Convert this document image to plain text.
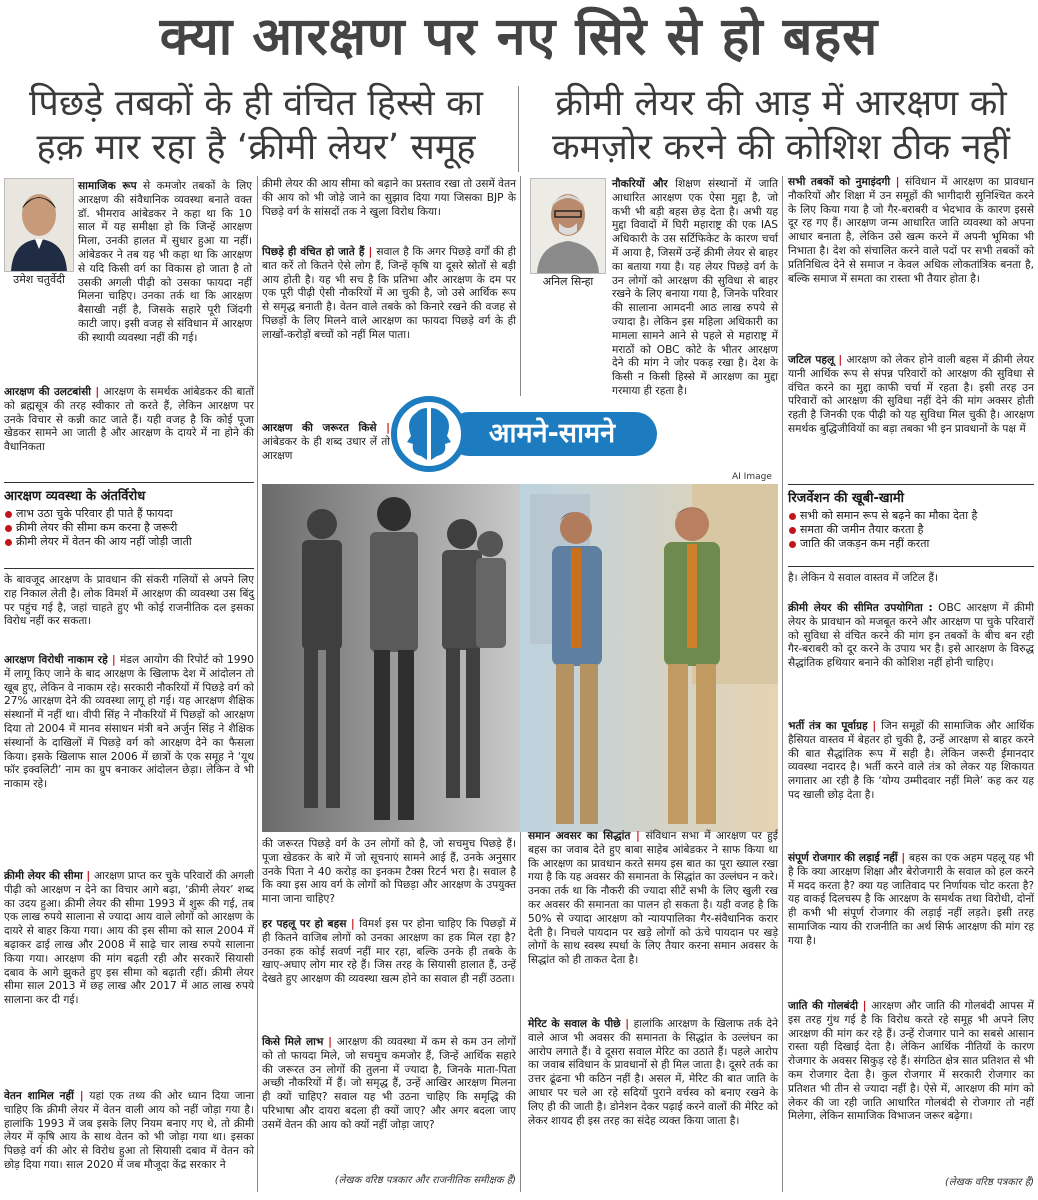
क्या आरक्षण पर नए सिरे से हो बहस
पिछड़े तबकों के ही वंचित हिस्से का
हक़ मार रहा है ‘क्रीमी लेयर’ समूह
क्रीमी लेयर की आड़ में आरक्षण को
कमज़ोर करने की कोशिश ठीक नहीं
उमेश चतुर्वेदी
सामाजिक रूप से कमजोर तबकों के लिए आरक्षण की संवैधानिक व्यवस्था बनाते वक्त डॉ. भीमराव आंबेडकर ने कहा था कि 10 साल में यह समीक्षा हो कि जिन्हें आरक्षण मिला, उनकी हालत में सुधार हुआ या नहीं। आंबेडकर ने तब यह भी कहा था कि आरक्षण से यदि किसी वर्ग का विकास हो जाता है तो उसकी अगली पीढ़ी को उसका फायदा नहीं मिलना चाहिए। उनका तर्क था कि आरक्षण बैसाखी नहीं है, जिसके सहारे पूरी जिंदगी काटी जाए। इसी वजह से संविधान में आरक्षण की स्थायी व्यवस्था नहीं की गई।
आरक्षण की उलटबांसी | आरक्षण के समर्थक आंबेडकर की बातों को ब्रह्मसूत्र की तरह स्वीकार तो करते हैं, लेकिन आरक्षण पर उनके विचार से कन्नी काट जाते हैं। यही वजह है कि कोई पूजा खेडकर सामने आ जाती है और आरक्षण के दायरे में ना होने की वैधानिकता
आरक्षण व्यवस्था के अंतर्विरोध
लाभ उठा चुके परिवार ही पाते हैं फायदा
क्रीमी लेयर की सीमा कम करना है जरूरी
क्रीमी लेयर में वेतन की आय नहीं जोड़ी जाती
के बावजूद आरक्षण के प्रावधान की संकरी गलियों से अपने लिए राह निकाल लेती है। लोक विमर्श में आरक्षण की व्यवस्था उस बिंदु पर पहुंच गई है, जहां चाहते हुए भी कोई राजनीतिक दल इसका विरोध नहीं कर सकता।
आरक्षण विरोधी नाकाम रहे | मंडल आयोग की रिपोर्ट को 1990 में लागू किए जाने के बाद आरक्षण के खिलाफ देश में आंदोलन तो खूब हुए, लेकिन वे नाकाम रहे। सरकारी नौकरियों में पिछड़े वर्ग को 27% आरक्षण देने की व्यवस्था लागू हो गई। यह आरक्षण शैक्षिक संस्थानों में नहीं था। वीपी सिंह ने नौकरियों में पिछड़ों को आरक्षण दिया तो 2004 में मानव संसाधन मंत्री बने अर्जुन सिंह ने शैक्षिक संस्थानों के दाखिलों में पिछड़े वर्ग को आरक्षण देने का फैसला किया। इसके खिलाफ साल 2006 में छात्रों के एक समूह ने ‘यूथ फॉर इक्वलिटी’ नाम का ग्रुप बनाकर आंदोलन छेड़ा। लेकिन वे भी नाकाम रहे।
क्रीमी लेयर की सीमा | आरक्षण प्राप्त कर चुके परिवारों की अगली पीढ़ी को आरक्षण न देने का विचार आगे बढ़ा, ‘क्रीमी लेयर’ शब्द का उदय हुआ। क्रीमी लेयर की सीमा 1993 में शुरू की गई, तब एक लाख रुपये सालाना से ज्यादा आय वाले लोगों को आरक्षण के दायरे से बाहर किया गया। आय की इस सीमा को साल 2004 में बढ़ाकर ढाई लाख और 2008 में साढ़े चार लाख रुपये सालाना किया गया। आरक्षण की मांग बढ़ती रही और सरकारें सियासी दबाव के आगे झुकते हुए इस सीमा को बढ़ाती रहीं। क्रीमी लेयर सीमा साल 2013 में छह लाख और 2017 में आठ लाख रुपये सालाना कर दी गई।
वेतन शामिल नहीं | यहां एक तथ्य की ओर ध्यान दिया जाना चाहिए कि क्रीमी लेयर में वेतन वाली आय को नहीं जोड़ा गया है। हालांकि 1993 में जब इसके लिए नियम बनाए गए थे, तो क्रीमी लेयर में कृषि आय के साथ वेतन को भी जोड़ा गया था। इसका पिछड़े वर्ग की ओर से विरोध हुआ तो सियासी दबाव में वेतन को छोड़ दिया गया। साल 2020 में जब मौजूदा केंद्र सरकार ने
क्रीमी लेयर की आय सीमा को बढ़ाने का प्रस्ताव रखा तो उसमें वेतन की आय को भी जोड़े जाने का सुझाव दिया गया जिसका BJP के पिछड़े वर्ग के सांसदों तक ने खुला विरोध किया।
पिछड़े ही वंचित हो जाते हैं | सवाल है कि अगर पिछड़े वर्गों की ही बात करें तो कितने ऐसे लोग हैं, जिन्हें कृषि या दूसरे स्रोतों से बड़ी आय होती है। यह भी सच है कि प्रतिभा और आरक्षण के दम पर एक पूरी पीढ़ी ऐसी नौकरियों में आ चुकी है, जो उसे आर्थिक रूप से समृद्ध बनाती है। वेतन वाले तबके को किनारे रखने की वजह से पिछड़ों के लिए मिलने वाले आरक्षण का फायदा पिछड़े वर्ग के ही लाखों-करोड़ों बच्चों को नहीं मिल पाता।
आरक्षण की जरूरत किसे | आंबेडकर के ही शब्द उधार लें तो आरक्षण
आमने-सामने
AI Image
की जरूरत पिछड़े वर्ग के उन लोगों को है, जो सचमुच पिछड़े हैं। पूजा खेडकर के बारे में जो सूचनाएं सामने आई हैं, उनके अनुसार उनके पिता ने 40 करोड़ का इनकम टैक्स रिटर्न भरा है। सवाल है कि क्या इस आय वर्ग के लोगों को पिछड़ा और आरक्षण के उपयुक्त माना जाना चाहिए?
हर पहलू पर हो बहस | विमर्श इस पर होना चाहिए कि पिछड़ों में ही कितने वाजिब लोगों को उनका आरक्षण का हक मिल रहा है? उनका हक कोई सवर्ण नहीं मार रहा, बल्कि उनके ही तबके के खाए-अघाए लोग मार रहे हैं। जिस तरह के सियासी हालात हैं, उन्हें देखते हुए आरक्षण की व्यवस्था खत्म होने का सवाल ही नहीं उठता।
किसे मिले लाभ | आरक्षण की व्यवस्था में कम से कम उन लोगों को तो फायदा मिले, जो सचमुच कमजोर हैं, जिन्हें आर्थिक सहारे की जरूरत उन लोगों की तुलना में ज्यादा है, जिनके माता-पिता अच्छी नौकरियों में हैं। जो समृद्ध हैं, उन्हें आखिर आरक्षण मिलना ही क्यों चाहिए? सवाल यह भी उठना चाहिए कि समृद्धि की परिभाषा और दायरा बदला ही क्यों जाए? और अगर बदला जाए उसमें वेतन की आय को क्यों नहीं जोड़ा जाए?
(लेखक वरिष्ठ पत्रकार और राजनीतिक समीक्षक हैं)
अनिल सिन्हा
नौकरियों और शिक्षण संस्थानों में जाति आधारित आरक्षण एक ऐसा मुद्दा है, जो कभी भी बड़ी बहस छेड़ देता है। अभी यह मुद्दा विवादों में घिरी महाराष्ट्र की एक IAS अधिकारी के उस सर्टिफिकेट के कारण चर्चा में आया है, जिसमें उन्हें क्रीमी लेयर से बाहर का बताया गया है। यह लेयर पिछड़े वर्ग के उन लोगों को आरक्षण की सुविधा से बाहर रखने के लिए बनाया गया है, जिनके परिवार की सालाना आमदनी आठ लाख रुपये से ज्यादा है। लेकिन इस महिला अधिकारी का मामला सामने आने से पहले से महाराष्ट्र में मराठों को OBC कोटे के भीतर आरक्षण देने की मांग ने जोर पकड़ रखा है। देश के किसी न किसी हिस्से में आरक्षण का मुद्दा गरमाया ही रहता है।
समान अवसर का सिद्धांत | संविधान सभा में आरक्षण पर हुई बहस का जवाब देते हुए बाबा साहेब आंबेडकर ने साफ किया था कि आरक्षण का प्रावधान करते समय इस बात का पूरा ख्याल रखा गया है कि यह अवसर की समानता के सिद्धांत का उल्लंघन न करे। उनका तर्क था कि नौकरी की ज्यादा सीटें सभी के लिए खुली रख कर अवसर की समानता का पालन हो सकता है। यही वजह है कि 50% से ज्यादा आरक्षण को न्यायपालिका गैर-संवैधानिक करार देती है। निचले पायदान पर खड़े लोगों को ऊंचे पायदान पर खड़े लोगों के साथ स्वस्थ स्पर्धा के लिए तैयार करना समान अवसर के सिद्धांत को ही ताकत देता है।
मेरिट के सवाल के पीछे | हालांकि आरक्षण के खिलाफ तर्क देने वाले आज भी अवसर की समानता के सिद्धांत के उल्लंघन का आरोप लगाते हैं। वे दूसरा सवाल मेरिट का उठाते हैं। पहले आरोप का जवाब संविधान के प्रावधानों से ही मिल जाता है। दूसरे तर्क का उत्तर ढूंढना भी कठिन नहीं है। असल में, मेरिट की बात जाति के आधार पर चले आ रहे सदियों पुराने वर्चस्व को बनाए रखने के लिए ही की जाती है। डोनेशन देकर पढ़ाई करने वालों की मेरिट को लेकर शायद ही इस तरह का संदेह व्यक्त किया जाता है।
सभी तबकों को नुमाइंदगी | संविधान में आरक्षण का प्रावधान नौकरियों और शिक्षा में उन समूहों की भागीदारी सुनिश्चित करने के लिए किया गया है जो गैर-बराबरी व भेदभाव के कारण इससे दूर रह गए हैं। आरक्षण जन्म आधारित जाति व्यवस्था को अपना आधार बनाता है, लेकिन उसे खत्म करने में अपनी भूमिका भी निभाता है। देश को संचालित करने वाले पदों पर सभी तबकों को प्रतिनिधित्व देने से समाज न केवल अधिक लोकतांत्रिक बनता है, बल्कि समाज में समता का रास्ता भी तैयार होता है।
जटिल पहलू | आरक्षण को लेकर होने वाली बहस में क्रीमी लेयर यानी आर्थिक रूप से संपन्न परिवारों को आरक्षण की सुविधा से वंचित करने का मुद्दा काफी चर्चा में रहता है। इसी तरह उन परिवारों को आरक्षण की सुविधा नहीं देने की मांग अक्सर होती रहती है जिनकी एक पीढ़ी को यह सुविधा मिल चुकी है। आरक्षण समर्थक बुद्धिजीवियों का बड़ा तबका भी इन प्रावधानों के पक्ष में
रिजर्वेशन की खूबी-खामी
सभी को समान रूप से बढ़ने का मौका देता है
समता की जमीन तैयार करता है
जाति की जकड़न कम नहीं करता
है। लेकिन ये सवाल वास्तव में जटिल हैं।
क्रीमी लेयर की सीमित उपयोगिता : OBC आरक्षण में क्रीमी लेयर के प्रावधान को मजबूत करने और आरक्षण पा चुके परिवारों को सुविधा से वंचित करने की मांग इन तबकों के बीच बन रही गैर-बराबरी को दूर करने के उपाय भर है। इसे आरक्षण के विरुद्ध सैद्धांतिक हथियार बनाने की कोशिश नहीं होनी चाहिए।
भर्ती तंत्र का पूर्वाग्रह | जिन समूहों की सामाजिक और आर्थिक हैसियत वास्तव में बेहतर हो चुकी है, उन्हें आरक्षण से बाहर करने की बात सैद्धांतिक रूप में सही है। लेकिन जरूरी ईमानदार व्यवस्था नदारद है। भर्ती करने वाले तंत्र को लेकर यह शिकायत लगातार आ रही है कि ‘योग्य उम्मीदवार नहीं मिले’ कह कर यह पद खाली छोड़ देता है।
संपूर्ण रोजगार की लड़ाई नहीं | बहस का एक अहम पहलू यह भी है कि क्या आरक्षण शिक्षा और बेरोजगारी के सवाल को हल करने में मदद करता है? क्या यह जातिवाद पर निर्णायक चोट करता है? यह वाकई दिलचस्प है कि आरक्षण के समर्थक तथा विरोधी, दोनों ही कभी भी संपूर्ण रोजगार की लड़ाई नहीं लड़ते। इसी तरह सामाजिक न्याय की राजनीति का अर्थ सिर्फ आरक्षण की मांग रह गया है।
जाति की गोलबंदी | आरक्षण और जाति की गोलबंदी आपस में इस तरह गुंथ गई है कि विरोध करते रहे समूह भी अपने लिए आरक्षण की मांग कर रहे हैं। उन्हें रोजगार पाने का सबसे आसान रास्ता यही दिखाई देता है। लेकिन आर्थिक नीतियों के कारण रोजगार के अवसर सिकुड़ रहे हैं। संगठित क्षेत्र सात प्रतिशत से भी कम रोजगार देता है। कुल रोजगार में सरकारी रोजगार का प्रतिशत भी तीन से ज्यादा नहीं है। ऐसे में, आरक्षण की मांग को लेकर की जा रही जाति आधारित गोलबंदी से रोजगार तो नहीं मिलेगा, लेकिन सामाजिक विभाजन जरूर बढ़ेगा।
(लेखक वरिष्ठ पत्रकार हैं)
